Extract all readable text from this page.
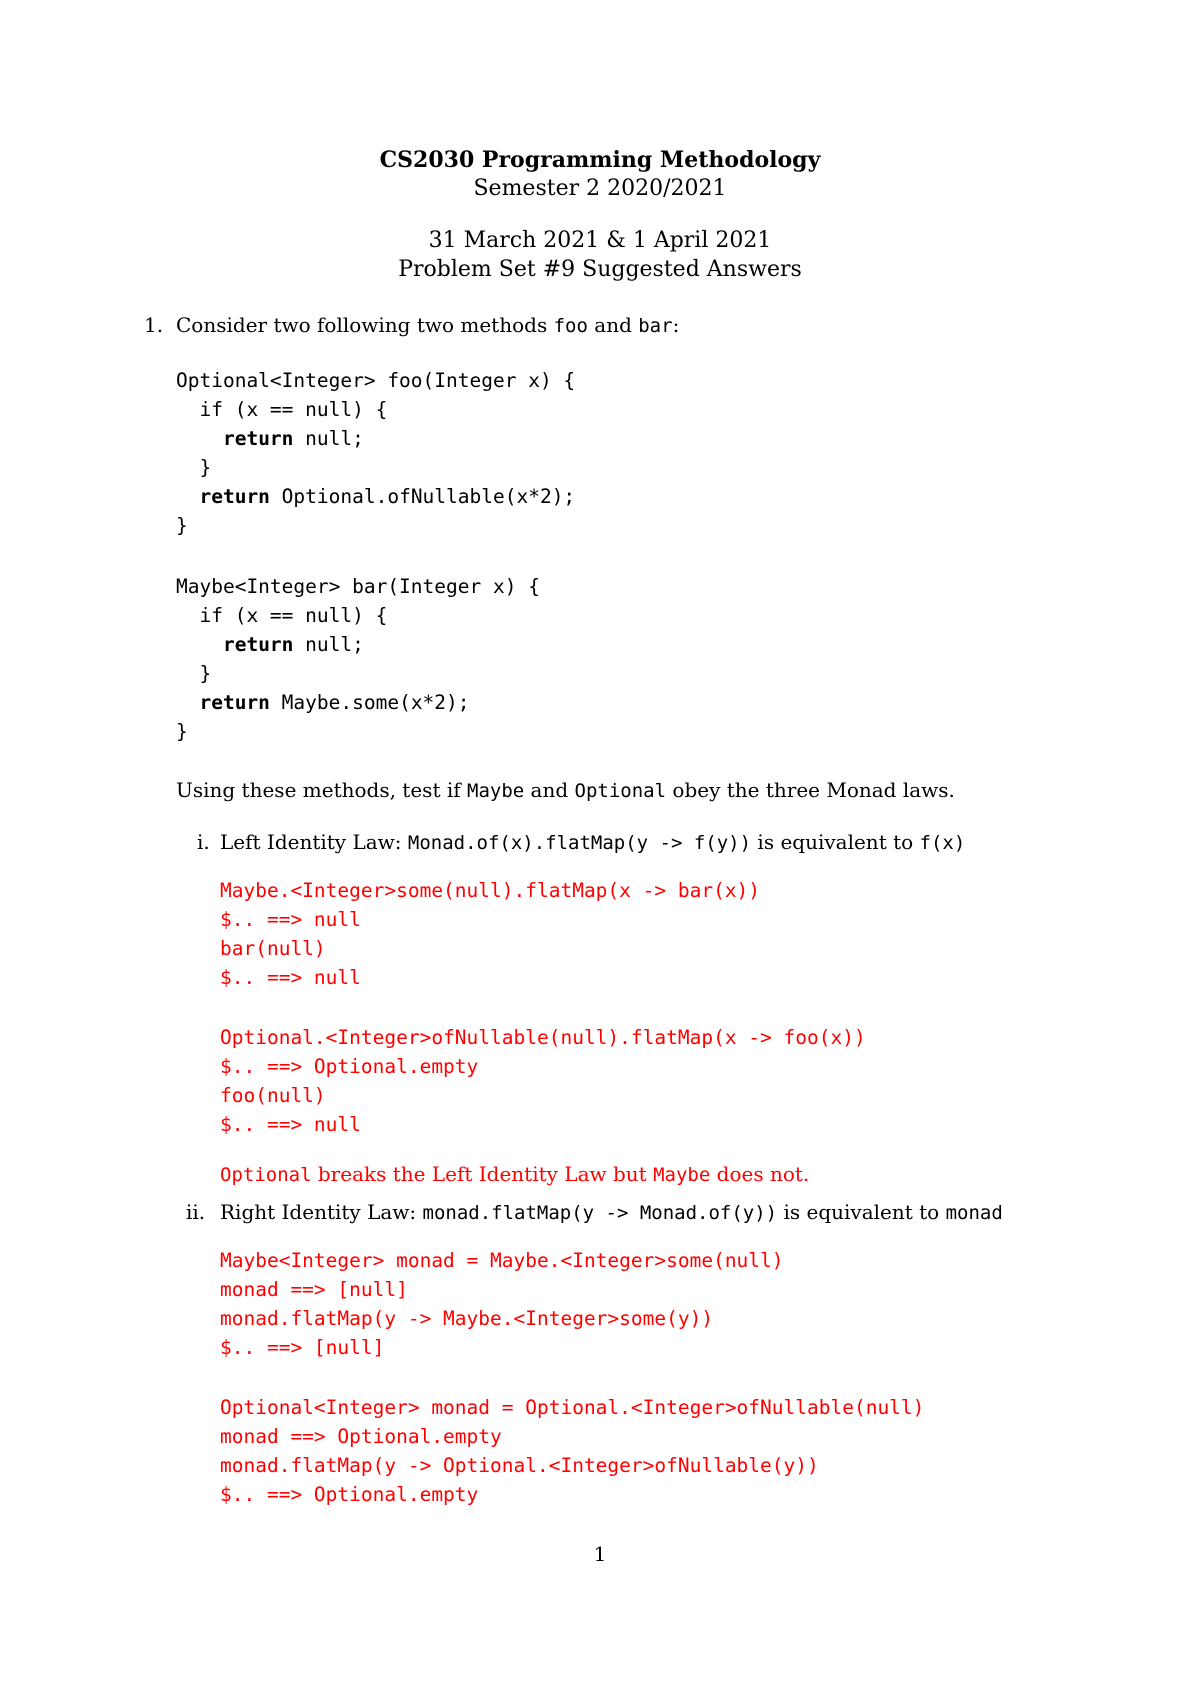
CS2030 Programming Methodology
Semester 2 2020/2021
31 March 2021 & 1 April 2021
Problem Set #9 Suggested Answers
1. Consider two following two methods foo and bar:
Optional<Integer> foo(Integer x) {
if (x == null) {
return null;
}
return Optional.ofNullable(x*2);
}
Maybe<Integer> bar(Integer x) {
if (x == null) {
return null;
}
return Maybe.some(x*2);
}
Using these methods, test if Maybe and Optional obey the three Monad laws.
i. Left Identity Law: Monad.of(x).flatMap(y -> f(y)) is equivalent to f(x)
Maybe.<Integer>some(null).flatMap(x -> bar(x))
$.. ==> null
bar(null)
$.. ==> null
Optional.<Integer>ofNullable(null).flatMap(x -> foo(x))
$.. ==> Optional.empty
foo(null)
$.. ==> null
Optional breaks the Left Identity Law but Maybe does not.
ii. Right Identity Law: monad.flatMap(y -> Monad.of(y)) is equivalent to monad
Maybe<Integer> monad = Maybe.<Integer>some(null)
monad ==> [null]
monad.flatMap(y -> Maybe.<Integer>some(y))
$.. ==> [null]
Optional<Integer> monad = Optional.<Integer>ofNullable(null)
monad ==> Optional.empty
monad.flatMap(y -> Optional.<Integer>ofNullable(y))
$.. ==> Optional.empty
1
